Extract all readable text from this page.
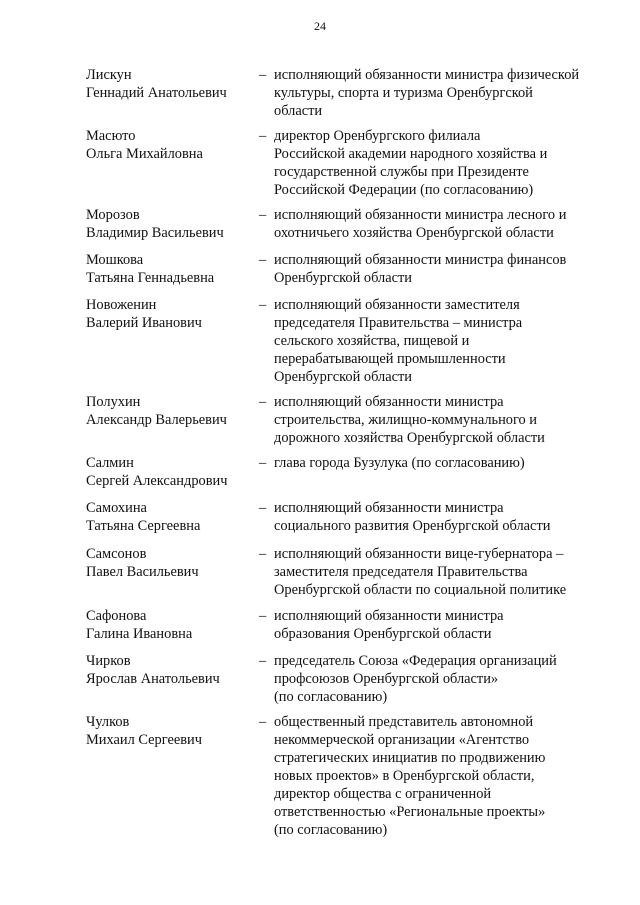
24
Лискун
Геннадий Анатольевич
– исполняющий обязанности министра физической
культуры, спорта и туризма Оренбургской
области
Масюто
Ольга Михайловна
– директор Оренбургского филиала
Российской академии народного хозяйства и
государственной службы при Президенте
Российской Федерации (по согласованию)
Морозов
Владимир Васильевич
– исполняющий обязанности министра лесного и
охотничьего хозяйства Оренбургской области
Мошкова
Татьяна Геннадьевна
– исполняющий обязанности министра финансов
Оренбургской области
Новоженин
Валерий Иванович
– исполняющий обязанности заместителя
председателя Правительства – министра
сельского хозяйства, пищевой и
перерабатывающей промышленности
Оренбургской области
Полухин
Александр Валерьевич
– исполняющий обязанности министра
строительства, жилищно-коммунального и
дорожного хозяйства Оренбургской области
Салмин
Сергей Александрович
– глава города Бузулука (по согласованию)
Самохина
Татьяна Сергеевна
– исполняющий обязанности министра
социального развития Оренбургской области
Самсонов
Павел Васильевич
– исполняющий обязанности вице-губернатора –
заместителя председателя Правительства
Оренбургской области по социальной политике
Сафонова
Галина Ивановна
– исполняющий обязанности министра
образования Оренбургской области
Чирков
Ярослав Анатольевич
– председатель Союза «Федерация организаций
профсоюзов Оренбургской области»
(по согласованию)
Чулков
Михаил Сергеевич
– общественный представитель автономной
некоммерческой организации «Агентство
стратегических инициатив по продвижению
новых проектов» в Оренбургской области,
директор общества с ограниченной
ответственностью «Региональные проекты»
(по согласованию)
